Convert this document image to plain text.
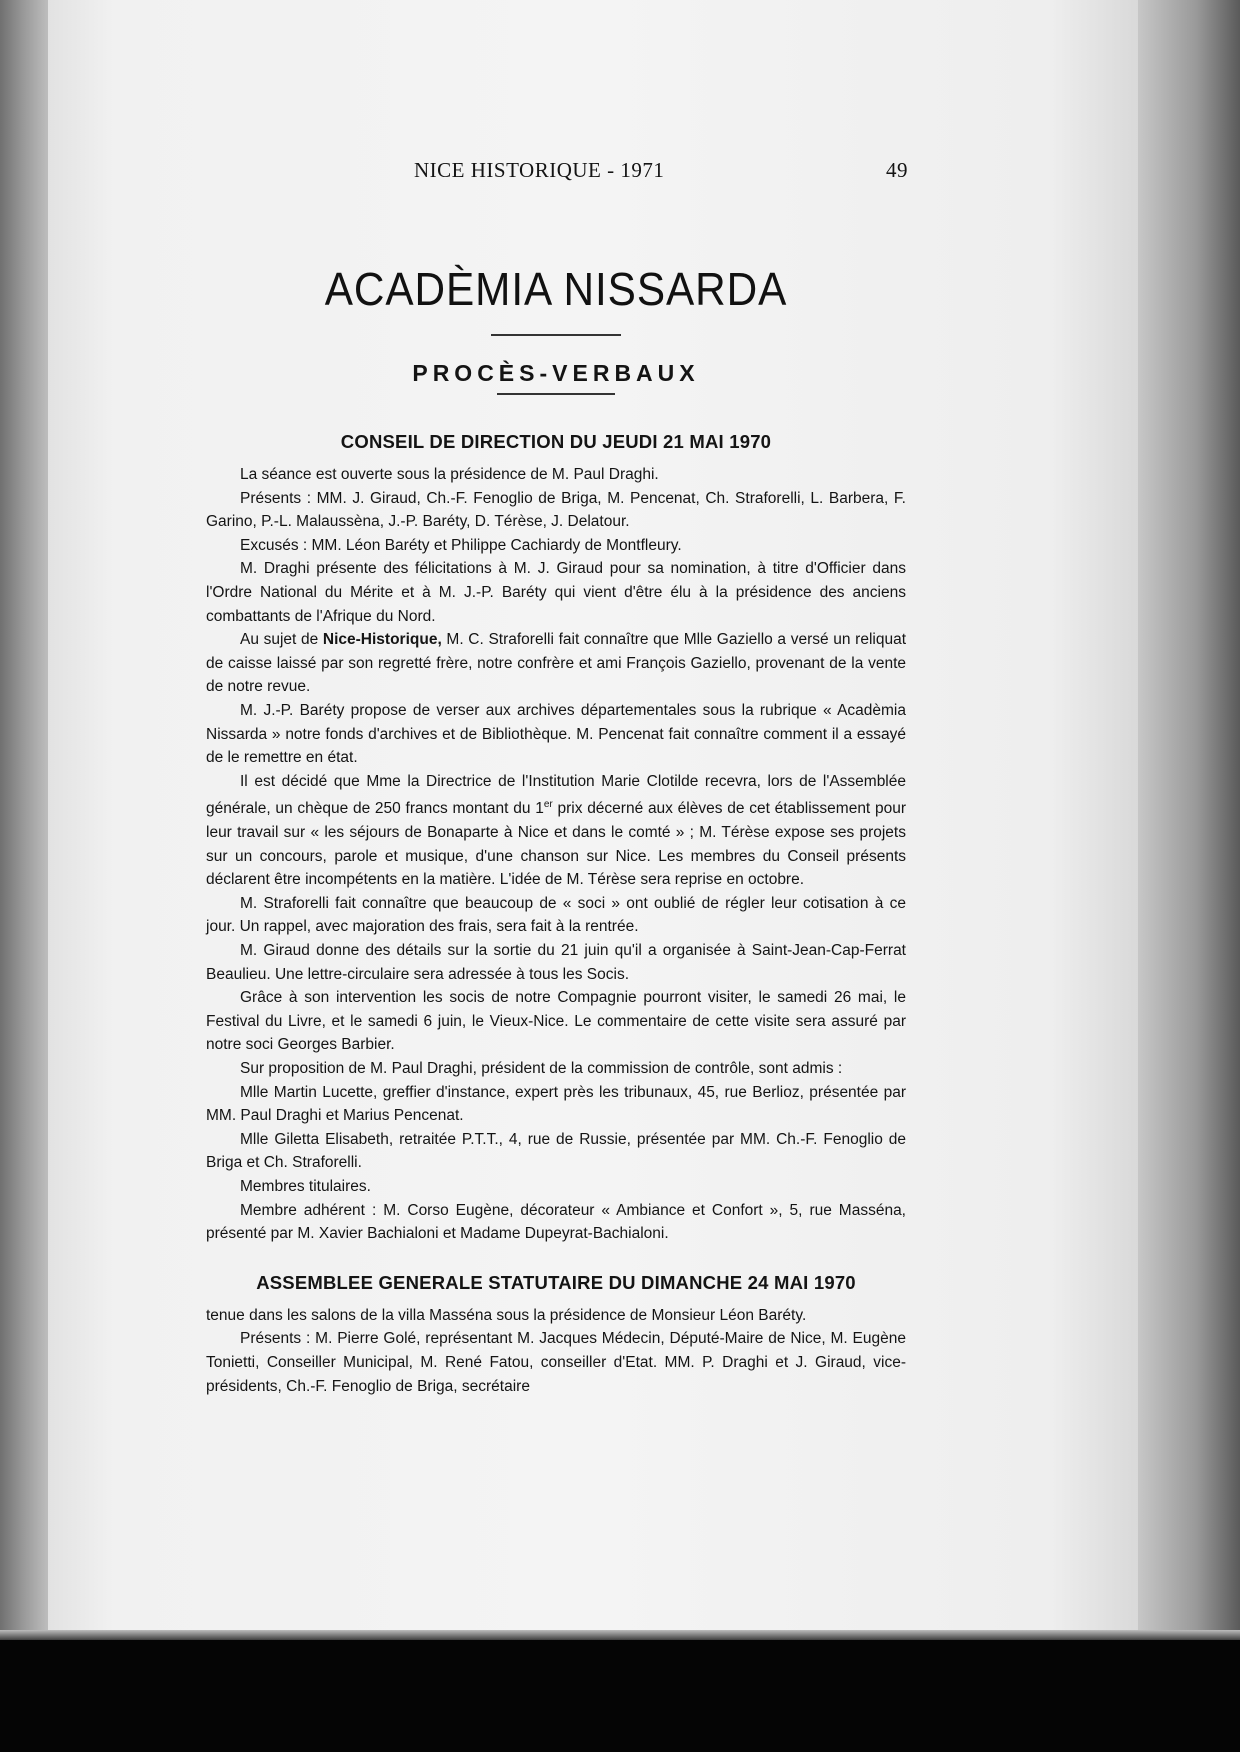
NICE HISTORIQUE - 1971	49
ACADÈMIA NISSARDA
PROCÈS-VERBAUX
CONSEIL DE DIRECTION DU JEUDI 21 MAI 1970

La séance est ouverte sous la présidence de M. Paul Draghi.

Présents : MM. J. Giraud, Ch.-F. Fenoglio de Briga, M. Pencenat, Ch. Straforelli, L. Barbera, F. Garino, P.-L. Malaussèna, J.-P. Baréty, D. Térèse, J. Delatour.

Excusés : MM. Léon Baréty et Philippe Cachiardy de Montfleury.

M. Draghi présente des félicitations à M. J. Giraud pour sa nomination, à titre d'Officier dans l'Ordre National du Mérite et à M. J.-P. Baréty qui vient d'être élu à la présidence des anciens combattants de l'Afrique du Nord.

Au sujet de Nice-Historique, M. C. Straforelli fait connaître que Mlle Gaziello a versé un reliquat de caisse laissé par son regretté frère, notre confrère et ami François Gaziello, provenant de la vente de notre revue.

M. J.-P. Baréty propose de verser aux archives départementales sous la rubrique « Acadèmia Nissarda » notre fonds d'archives et de Bibliothèque. M. Pencenat fait connaître comment il a essayé de le remettre en état.

Il est décidé que Mme la Directrice de l'Institution Marie Clotilde recevra, lors de l'Assemblée générale, un chèque de 250 francs montant du 1er prix décerné aux élèves de cet établissement pour leur travail sur « les séjours de Bonaparte à Nice et dans le comté » ; M. Térèse expose ses projets sur un concours, parole et musique, d'une chanson sur Nice. Les membres du Conseil présents déclarent être incompétents en la matière. L'idée de M. Térèse sera reprise en octobre.

M. Straforelli fait connaître que beaucoup de « soci » ont oublié de régler leur cotisation à ce jour. Un rappel, avec majoration des frais, sera fait à la rentrée.

M. Giraud donne des détails sur la sortie du 21 juin qu'il a organisée à Saint-Jean-Cap-Ferrat Beaulieu. Une lettre-circulaire sera adressée à tous les Socis.

Grâce à son intervention les socis de notre Compagnie pourront visiter, le samedi 26 mai, le Festival du Livre, et le samedi 6 juin, le Vieux-Nice. Le commentaire de cette visite sera assuré par notre soci Georges Barbier.

Sur proposition de M. Paul Draghi, président de la commission de contrôle, sont admis :

Mlle Martin Lucette, greffier d'instance, expert près les tribunaux, 45, rue Berlioz, présentée par MM. Paul Draghi et Marius Pencenat.

Mlle Giletta Elisabeth, retraitée P.T.T., 4, rue de Russie, présentée par MM. Ch.-F. Fenoglio de Briga et Ch. Straforelli.

Membres titulaires.

Membre adhérent : M. Corso Eugène, décorateur « Ambiance et Confort », 5, rue Masséna, présenté par M. Xavier Bachialoni et Madame Dupeyrat-Bachialoni.

ASSEMBLEE GENERALE STATUTAIRE DU DIMANCHE 24 MAI 1970

tenue dans les salons de la villa Masséna sous la présidence de Monsieur Léon Baréty.

Présents : M. Pierre Golé, représentant M. Jacques Médecin, Député-Maire de Nice, M. Eugène Tonietti, Conseiller Municipal, M. René Fatou, conseiller d'Etat. MM. P. Draghi et J. Giraud, vice-présidents, Ch.-F. Fenoglio de Briga, secrétaire
